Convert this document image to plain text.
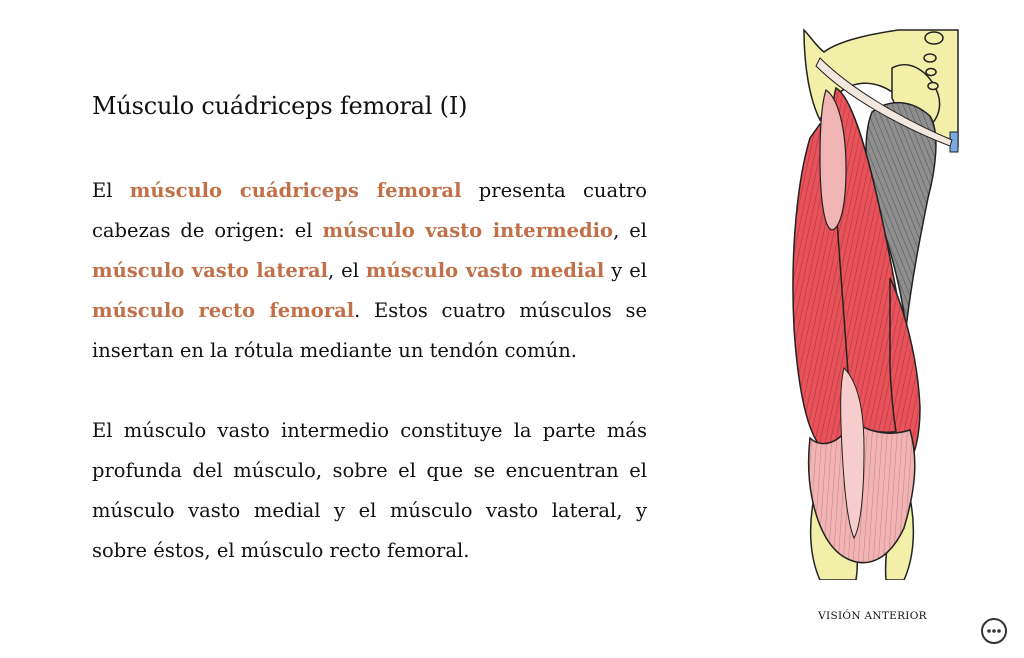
Músculo cuádriceps femoral (I)

El músculo cuádriceps femoral presenta cuatro cabezas de origen: el músculo vasto intermedio, el músculo vasto lateral, el músculo vasto medial y el músculo recto femoral. Estos cuatro músculos se insertan en la rótula mediante un tendón común.

El músculo vasto intermedio constituye la parte más profunda del músculo, sobre el que se encuentran el músculo vasto medial y el músculo vasto lateral, y sobre éstos, el músculo recto femoral.

VISIÓN ANTERIOR
